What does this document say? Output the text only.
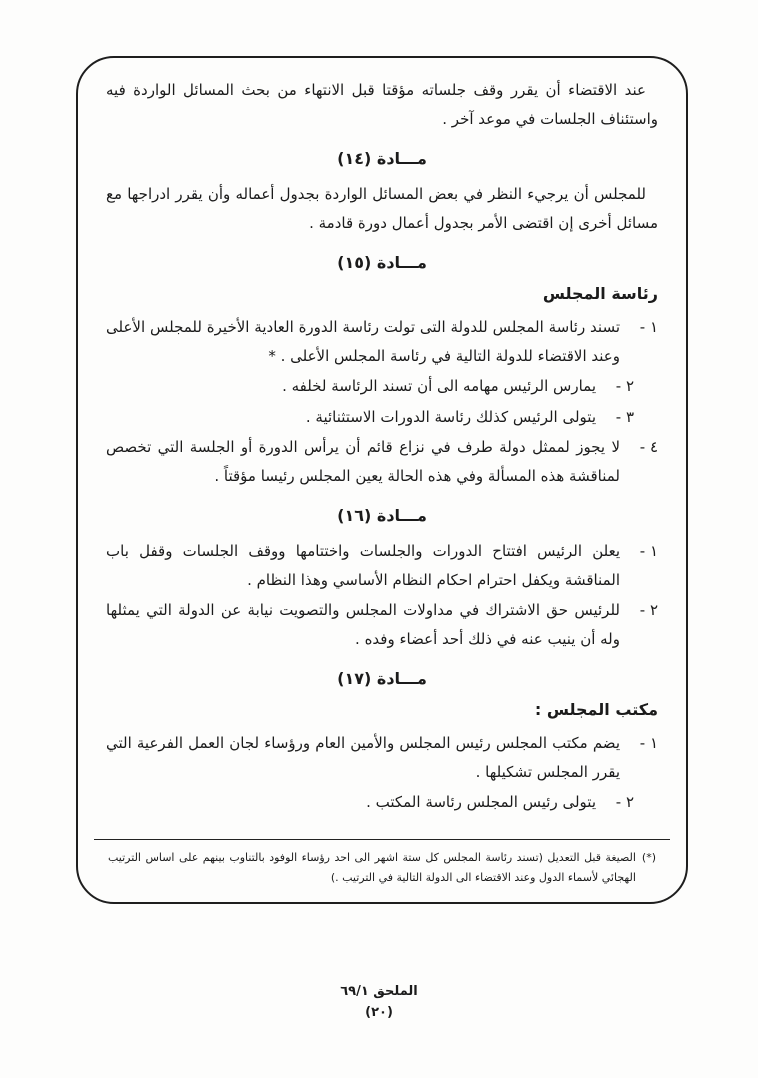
عند الاقتضاء أن يقرر وقف جلساته مؤقتا قبل الانتهاء من بحث المسائل الواردة فيه واستئناف الجلسات في موعد آخر .

مـــادة (١٤)

للمجلس أن يرجيء النظر في بعض المسائل الواردة بجدول أعماله وأن يقرر ادراجها مع مسائل أخرى إن اقتضى الأمر بجدول أعمال دورة قادمة .

مـــادة (١٥)
رئاسة المجلس
١ -
تسند رئاسة المجلس للدولة التى تولت رئاسة الدورة العادية الأخيرة للمجلس الأعلى وعند الاقتضاء للدولة التالية في رئاسة المجلس الأعلى . *
٢ -
يمارس الرئيس مهامه الى أن تسند الرئاسة لخلفه .
٣ -
يتولى الرئيس كذلك رئاسة الدورات الاستثنائية .
٤ -
لا يجوز لممثل دولة طرف في نزاع قائم أن يرأس الدورة أو الجلسة التي تخصص لمناقشة هذه المسألة وفي هذه الحالة يعين المجلس رئيسا مؤقتاً .
مـــادة (١٦)
١ -
يعلن الرئيس افتتاح الدورات والجلسات واختتامها ووقف الجلسات وقفل باب المناقشة ويكفل احترام احكام النظام الأساسي وهذا النظام .
٢ -
للرئيس حق الاشتراك في مداولات المجلس والتصويت نيابة عن الدولة التي يمثلها وله أن ينيب عنه في ذلك أحد أعضاء وفده .
مـــادة (١٧)
مكتب المجلس :
١ -
يضم مكتب المجلس رئيس المجلس والأمين العام ورؤساء لجان العمل الفرعية التي يقرر المجلس تشكيلها .
٢ -
يتولى رئيس المجلس رئاسة المكتب .
(*)
الصيغة قبل التعديل (تسند رئاسة المجلس كل ستة اشهر الى احد رؤساء الوفود بالتناوب بينهم على اساس الترتيب الهجائي لأسماء الدول وعند الاقتضاء الى الدولة التالية في الترتيب .)
الملحق ٦٩/١
(٢٠)
